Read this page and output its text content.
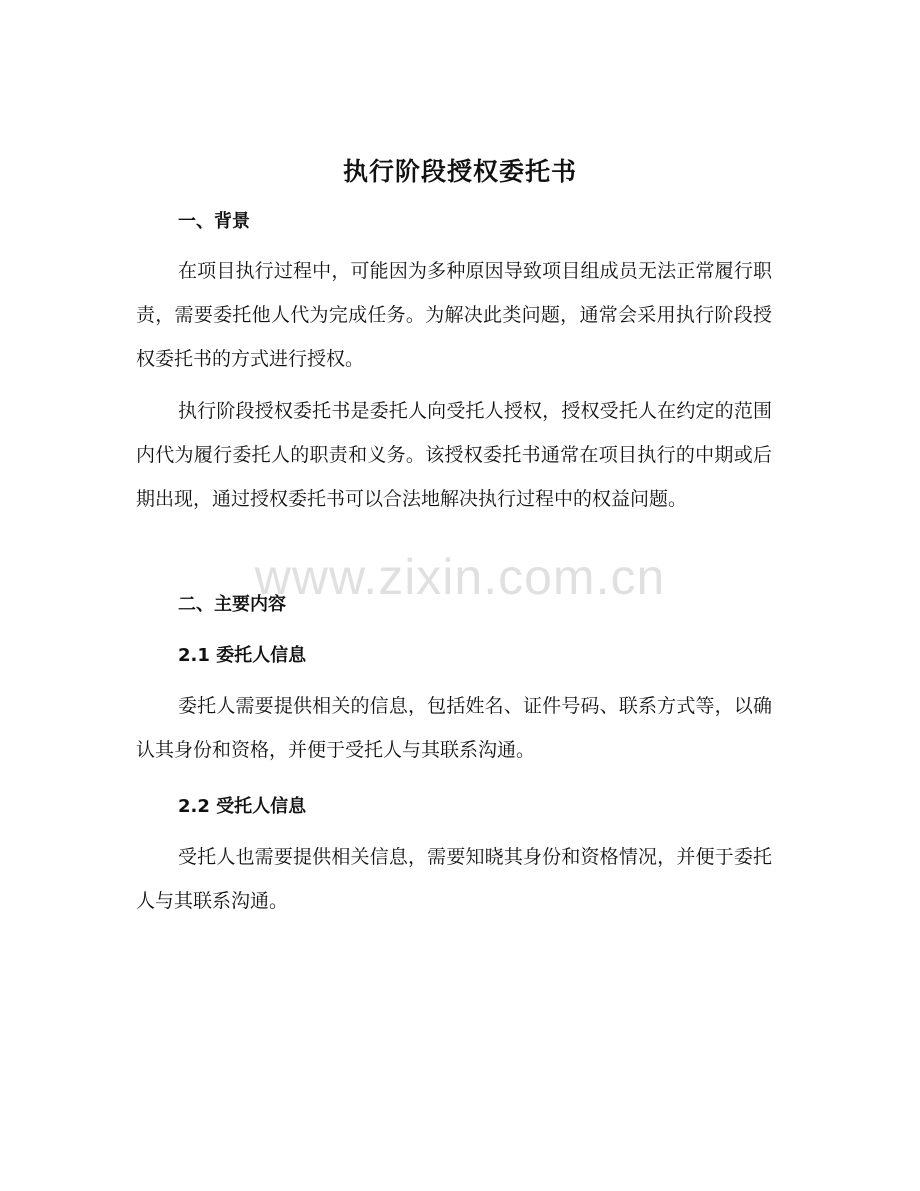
执行阶段授权委托书
一、背景

在项目执行过程中，可能因为多种原因导致项目组成员无法正常履行职责，需要委托他人代为完成任务。为解决此类问题，通常会采用执行阶段授权委托书的方式进行授权。

执行阶段授权委托书是委托人向受托人授权，授权受托人在约定的范围内代为履行委托人的职责和义务。该授权委托书通常在项目执行的中期或后期出现，通过授权委托书可以合法地解决执行过程中的权益问题。

二、主要内容
2.1 委托人信息

委托人需要提供相关的信息，包括姓名、证件号码、联系方式等，以确认其身份和资格，并便于受托人与其联系沟通。

2.2 受托人信息

受托人也需要提供相关信息，需要知晓其身份和资格情况，并便于委托人与其联系沟通。

www.zixin.com.cn
